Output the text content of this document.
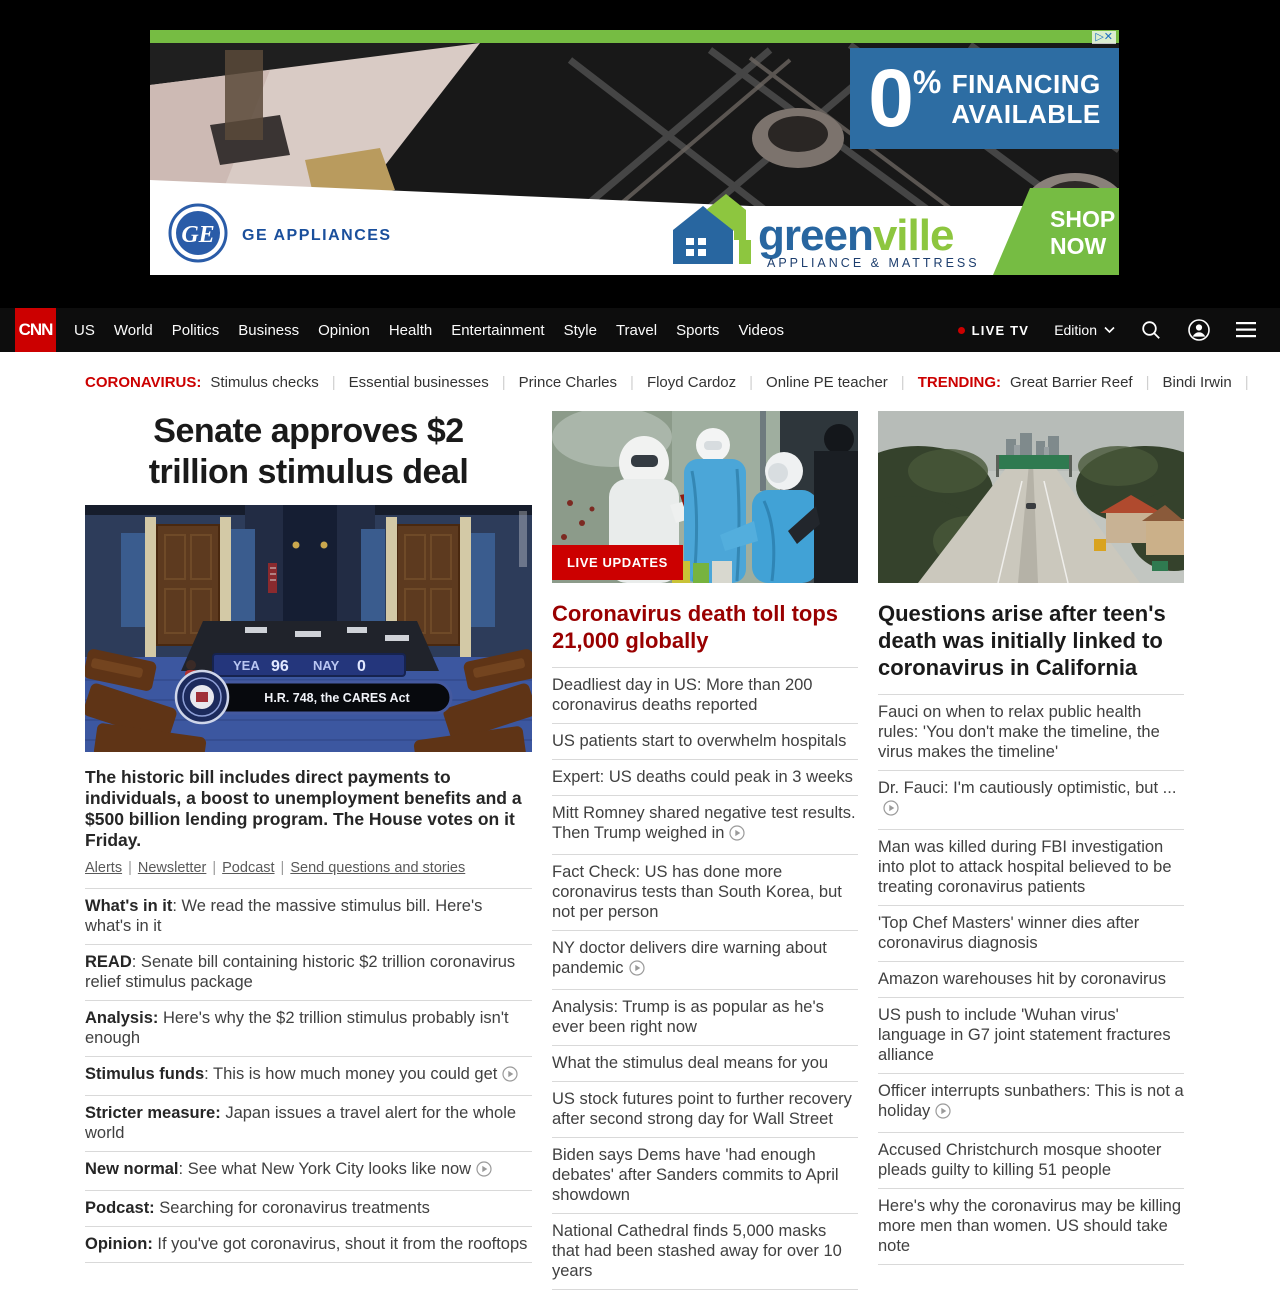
0 % FINANCING
AVAILABLE
GE GE APPLIANCES	greenville
APPLIANCE & MATTRESS
SHOP
NOW
▷✕
CNN US World Politics Business Opinion Health Entertainment Style Travel Sports Videos	LIVE TV Edition
CORONAVIRUS: Stimulus checks | Essential businesses | Prince Charles | Floyd Cardoz | Online PE teacher | TRENDING: Great Barrier Reef | Bindi Irwin |
Senate approves $2 trillion stimulus deal
YEA 96 NAY 0
H.R. 748, the CARES Act

The historic bill includes direct payments to individuals, a boost to unemployment benefits and a $500 billion lending program. The House votes on it Friday.

Alerts | Newsletter | Podcast | Send questions and stories
What's in it: We read the massive stimulus bill. Here's what's in it
READ: Senate bill containing historic $2 trillion coronavirus relief stimulus package
Analysis: Here's why the $2 trillion stimulus probably isn't enough
Stimulus funds: This is how much money you could get
Stricter measure: Japan issues a travel alert for the whole world
New normal: See what New York City looks like now
Podcast: Searching for coronavirus treatments
Opinion: If you've got coronavirus, shout it from the rooftops
LIVE UPDATES
Coronavirus death toll tops 21,000 globally
Deadliest day in US: More than 200 coronavirus deaths reported
US patients start to overwhelm hospitals
Expert: US deaths could peak in 3 weeks
Mitt Romney shared negative test results. Then Trump weighed in
Fact Check: US has done more coronavirus tests than South Korea, but not per person
NY doctor delivers dire warning about pandemic
Analysis: Trump is as popular as he's ever been right now
What the stimulus deal means for you
US stock futures point to further recovery after second strong day for Wall Street
Biden says Dems have 'had enough debates' after Sanders commits to April showdown
National Cathedral finds 5,000 masks that had been stashed away for over 10 years
Questions arise after teen's death was initially linked to coronavirus in California
Fauci on when to relax public health rules: 'You don't make the timeline, the virus makes the timeline'
Dr. Fauci: I'm cautiously optimistic, but ...
Man was killed during FBI investigation into plot to attack hospital believed to be treating coronavirus patients
'Top Chef Masters' winner dies after coronavirus diagnosis
Amazon warehouses hit by coronavirus
US push to include 'Wuhan virus' language in G7 joint statement fractures alliance
Officer interrupts sunbathers: This is not a holiday
Accused Christchurch mosque shooter pleads guilty to killing 51 people
Here's why the coronavirus may be killing more men than women. US should take note
